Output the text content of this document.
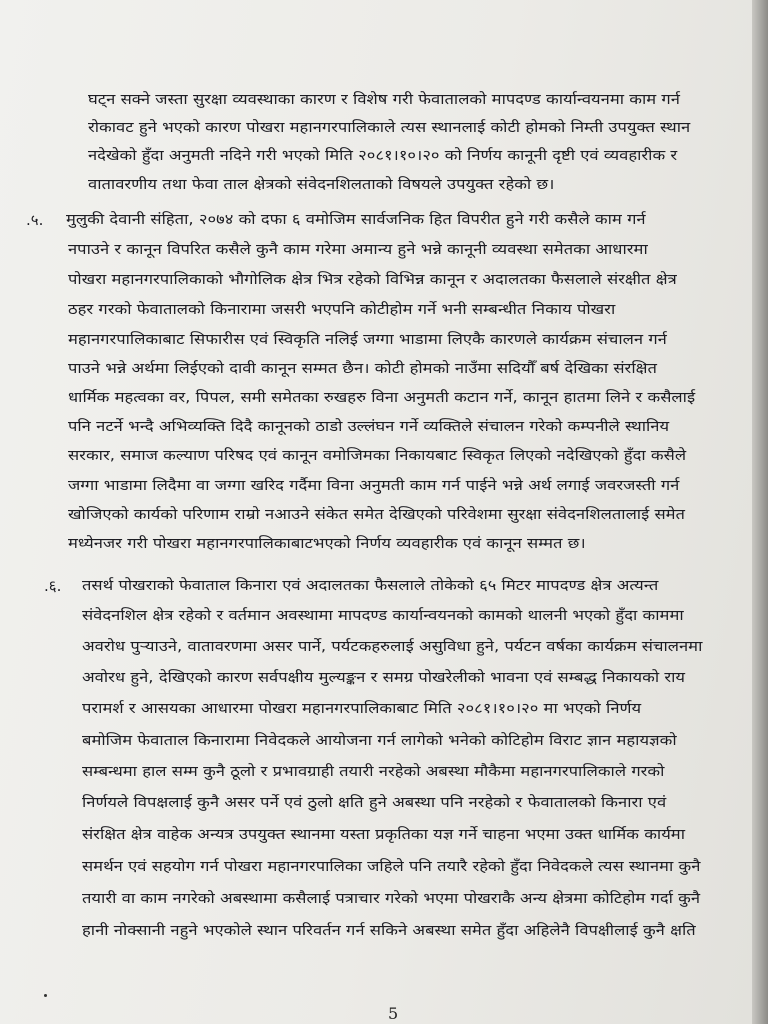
घट्न सक्ने जस्ता सुरक्षा व्यवस्थाका कारण र विशेष गरी फेवातालको मापदण्ड कार्यान्वयनमा काम गर्न
रोकावट हुने भएको कारण पोखरा महानगरपालिकाले त्यस स्थानलाई कोटी होमको निम्ती उपयुक्त स्थान
नदेखेको हुँदा अनुमती नदिने गरी भएको मिति २०८१।१०।२० को निर्णय कानूनी दृष्टी एवं व्यवहारीक र
वातावरणीय तथा फेवा ताल क्षेत्रको संवेदनशिलताको विषयले उपयुक्त रहेको छ।
.५. मुलुकी देवानी संहिता, २०७४ को दफा ६ वमोजिम सार्वजनिक हित विपरीत हुने गरी कसैले काम गर्न
नपाउने र कानून विपरित कसैले कुनै काम गरेमा अमान्य हुने भन्ने कानूनी व्यवस्था समेतका आधारमा
पोखरा महानगरपालिकाको भौगोलिक क्षेत्र भित्र रहेको विभिन्न कानून र अदालतका फैसलाले संरक्षीत क्षेत्र
ठहर गरको फेवातालको किनारामा जसरी भएपनि कोटीहोम गर्ने भनी सम्बन्धीत निकाय पोखरा
महानगरपालिकाबाट सिफारीस एवं स्विकृति नलिई जग्गा भाडामा लिएकै कारणले कार्यक्रम संचालन गर्न
पाउने भन्ने अर्थमा लिईएको दावी कानून सम्मत छैन। कोटी होमको नाउँमा सदियौँ बर्ष देखिका संरक्षित
धार्मिक महत्वका वर, पिपल, समी समेतका रुखहरु विना अनुमती कटान गर्ने, कानून हातमा लिने र कसैलाई
पनि नटर्ने भन्दै अभिव्यक्ति दिदै कानूनको ठाडो उल्लंघन गर्ने व्यक्तिले संचालन गरेको कम्पनीले स्थानिय
सरकार, समाज कल्याण परिषद एवं कानून वमोजिमका निकायबाट स्विकृत लिएको नदेखिएको हुँदा कसैले
जग्गा भाडामा लिदैमा वा जग्गा खरिद गर्दैमा विना अनुमती काम गर्न पाईने भन्ने अर्थ लगाई जवरजस्ती गर्न
खोजिएको कार्यको परिणाम राम्रो नआउने संकेत समेत देखिएको परिवेशमा सुरक्षा संवेदनशिलतालाई समेत
मध्येनजर गरी पोखरा महानगरपालिकाबाटभएको निर्णय व्यवहारीक एवं कानून सम्मत छ।
.६. तसर्थ पोखराको फेवाताल किनारा एवं अदालतका फैसलाले तोकेको ६५ मिटर मापदण्ड क्षेत्र अत्यन्त
संवेदनशिल क्षेत्र रहेको र वर्तमान अवस्थामा मापदण्ड कार्यान्वयनको कामको थालनी भएको हुँदा काममा
अवरोध पुऱ्याउने, वातावरणमा असर पार्ने, पर्यटकहरुलाई असुविधा हुने, पर्यटन वर्षका कार्यक्रम संचालनमा
अवोरध हुने, देखिएको कारण सर्वपक्षीय मुल्यङ्कन र समग्र पोखरेलीको भावना एवं सम्बद्ध निकायको राय
परामर्श र आसयका आधारमा पोखरा महानगरपालिकाबाट मिति २०८१।१०।२० मा भएको निर्णय
बमोजिम फेवाताल किनारामा निवेदकले आयोजना गर्न लागेको भनेको कोटिहोम विराट ज्ञान महायज्ञको
सम्बन्धमा हाल सम्म कुनै ठूलो र प्रभावग्राही तयारी नरहेको अबस्था मौकैमा महानगरपालिकाले गरको
निर्णयले विपक्षलाई कुनै असर पर्ने एवं ठुलो क्षति हुने अबस्था पनि नरहेको र फेवातालको किनारा एवं
संरक्षित क्षेत्र वाहेक अन्यत्र उपयुक्त स्थानमा यस्ता प्रकृतिका यज्ञ गर्ने चाहना भएमा उक्त धार्मिक कार्यमा
समर्थन एवं सहयोग गर्न पोखरा महानगरपालिका जहिले पनि तयारै रहेको हुँदा निवेदकले त्यस स्थानमा कुनै
तयारी वा काम नगरेको अबस्थामा कसैलाई पत्राचार गरेको भएमा पोखराकै अन्य क्षेत्रमा कोटिहोम गर्दा कुनै
हानी नोक्सानी नहुने भएकोले स्थान परिवर्तन गर्न सकिने अबस्था समेत हुँदा अहिलेनै विपक्षीलाई कुनै क्षति
5
